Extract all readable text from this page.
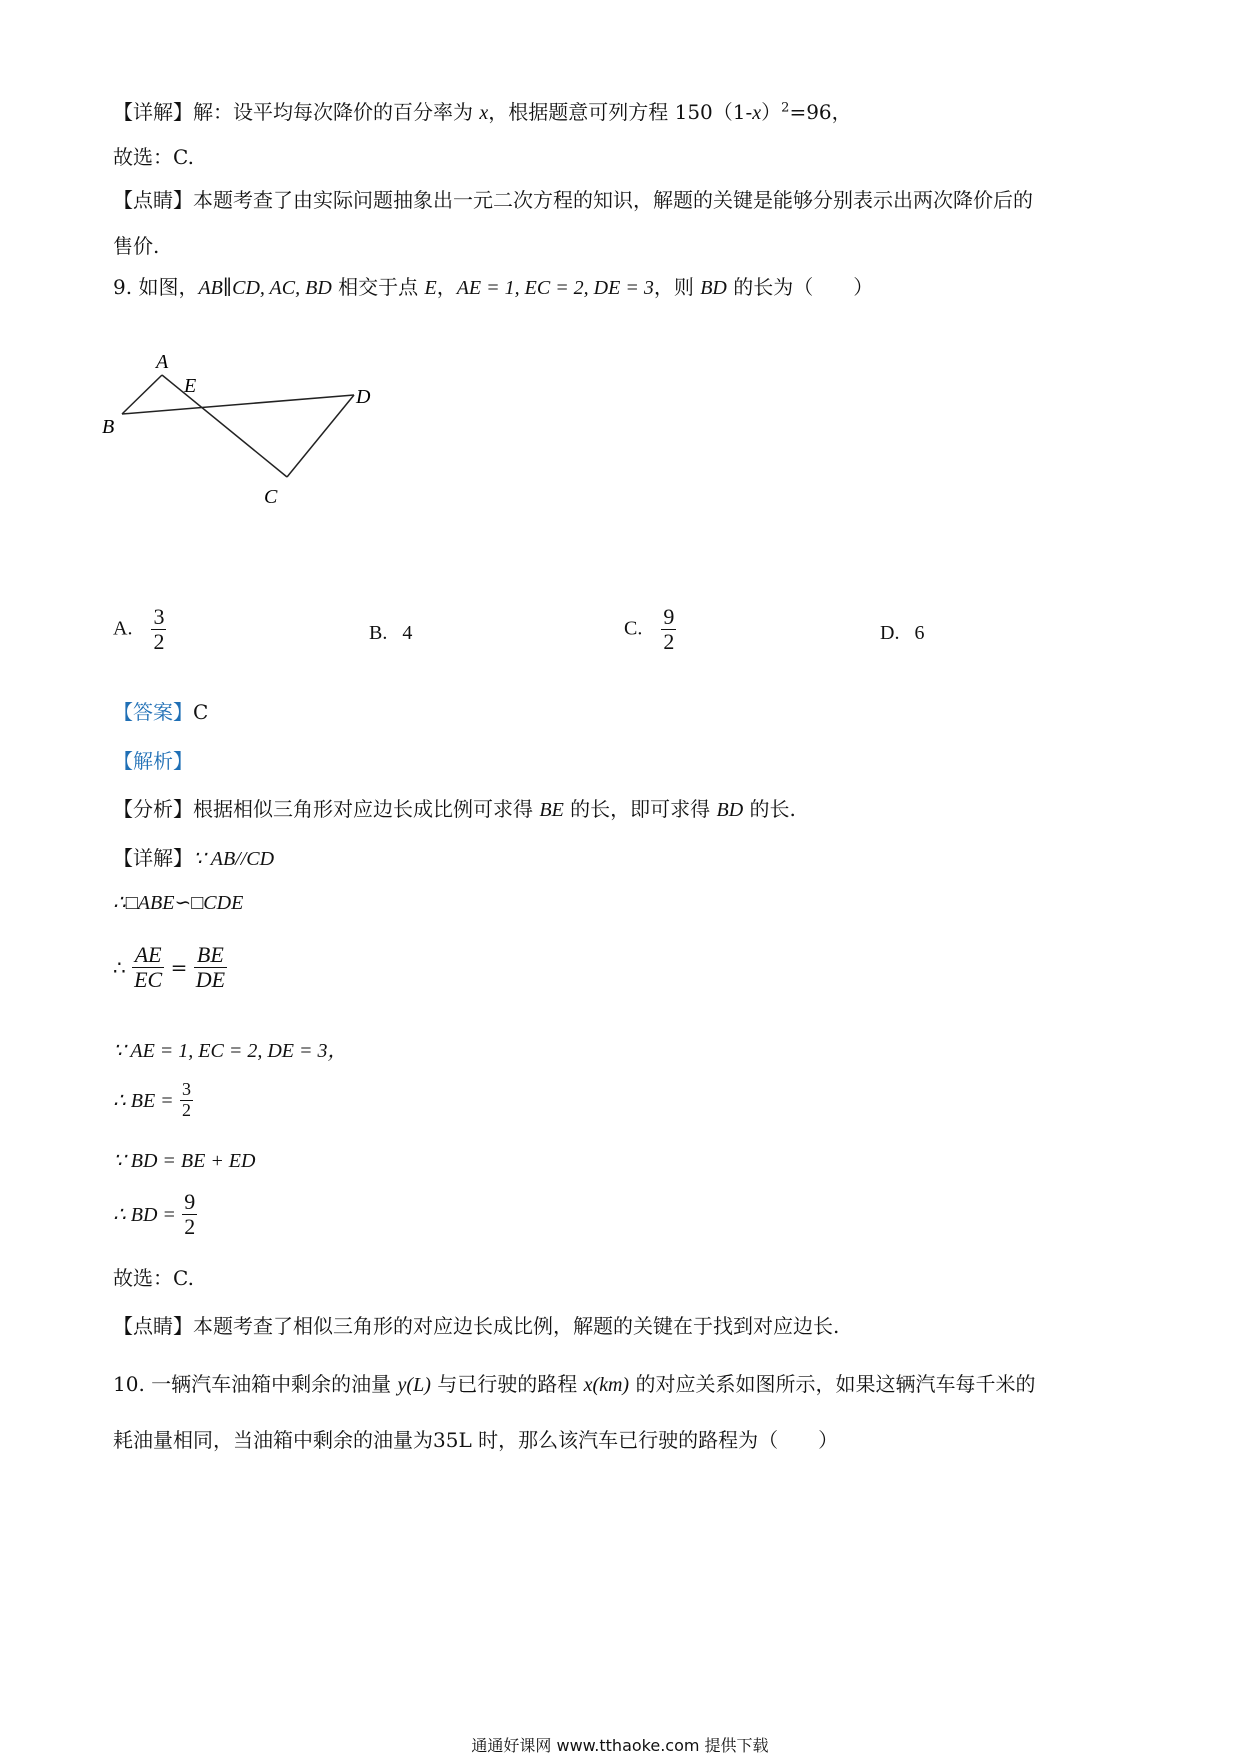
【详解】解：设平均每次降价的百分率为 x，根据题意可列方程 $150(1-x)^2=96$，
故选：C.
【点睛】本题考查了由实际问题抽象出一元二次方程的知识，解题的关键是能够分别表示出两次降价后的
售价.
9. 如图，AB∥CD, AC, BD 相交于点 E，AE = 1, EC = 2, DE = 3，则 BD 的长为（　　）
A
B
C
D
E
A. $\frac{3}{2}$	B. 4	C. $\frac{9}{2}$	D. 6
【答案】C
【解析】
【分析】根据相似三角形对应边长成比例可求得 BE 的长，即可求得 BD 的长.
【详解】∵ AB//CD
∴□ABE∽□CDE
∴ $\frac{AE}{EC} = \frac{BE}{DE}$
∵ AE = 1, EC = 2, DE = 3，
∴ BE = $\frac{3}{2}$
∵ BD = BE + ED
∴ BD = $\frac{9}{2}$
故选：C.
【点睛】本题考查了相似三角形的对应边长成比例，解题的关键在于找到对应边长.
10. 一辆汽车油箱中剩余的油量 y(L) 与已行驶的路程 x(km) 的对应关系如图所示，如果这辆汽车每千米的
耗油量相同，当油箱中剩余的油量为35L 时，那么该汽车已行驶的路程为（　　）
通通好课网 www.tthaoke.com 提供下载
